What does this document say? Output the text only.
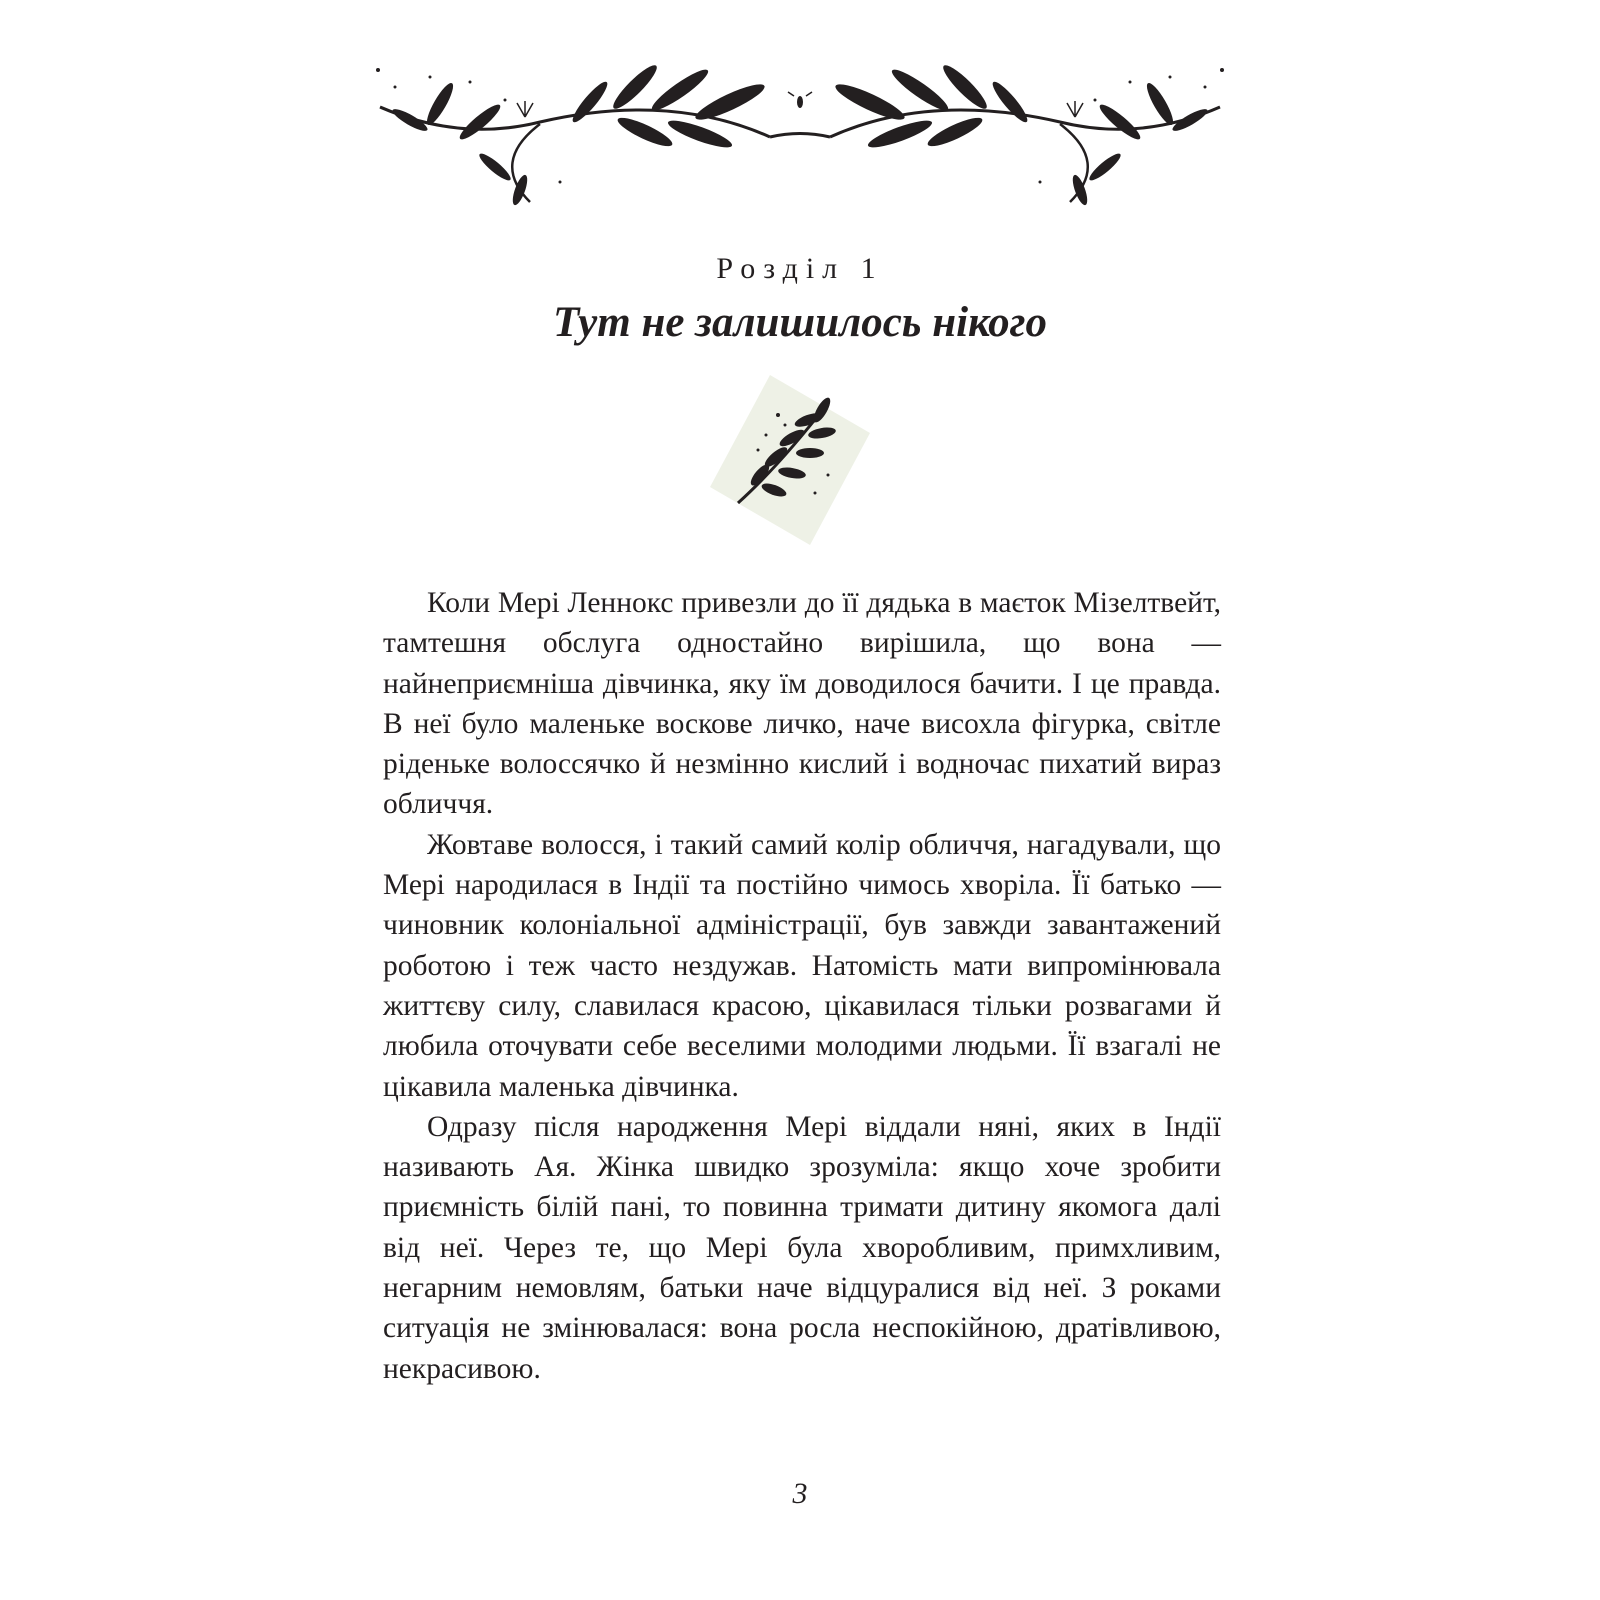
Розділ 1
Тут не залишилось нікого

Коли Мері Леннокс привезли до її дядька в маєток Мізелтвейт, тамтешня обслуга одностайно вирішила, що вона — найнеприємніша дівчинка, яку їм доводилося бачити. І це правда. В неї було маленьке воскове личко, наче висохла фігурка, світле ріденьке волоссячко й незмінно кислий і водночас пихатий вираз обличчя.

Жовтаве волосся, і такий самий колір обличчя, нагадували, що Мері народилася в Індії та постійно чимось хворіла. Її батько — чиновник колоніальної адміністрації, був завжди завантажений роботою і теж часто нездужав. Натомість мати випромінювала життєву силу, славилася красою, цікавилася тільки розвагами й любила оточувати себе веселими молодими людьми. Її взагалі не цікавила маленька дівчинка.

Одразу після народження Мері віддали няні, яких в Індії називають Ая. Жінка швидко зрозуміла: якщо хоче зробити приємність білій пані, то повинна тримати дитину якомога далі від неї. Через те, що Мері була хворобливим, примхливим, негарним немовлям, батьки наче відцуралися від неї. З роками ситуація не змінювалася: вона росла неспокійною, дратівливою, некрасивою.

3
